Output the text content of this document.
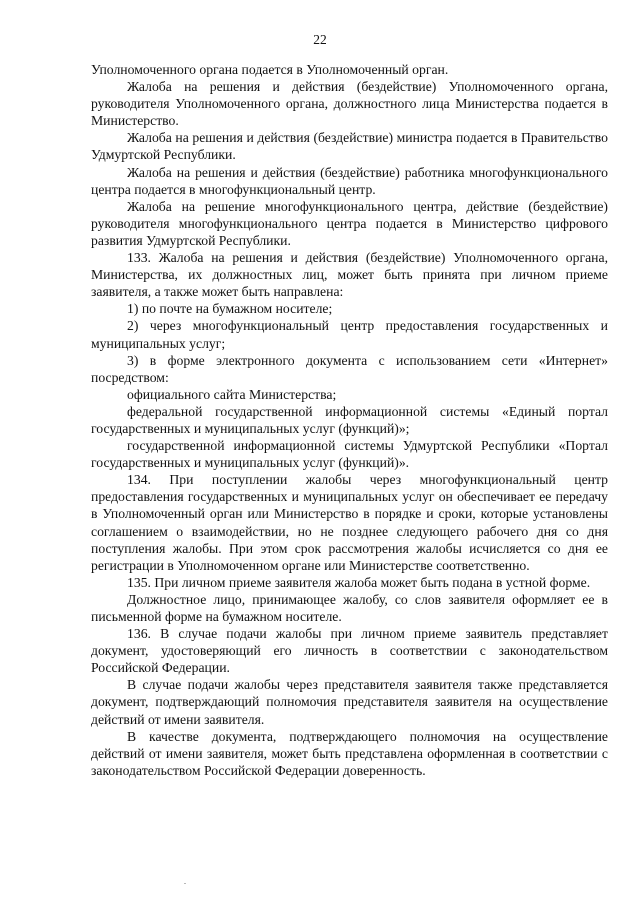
22

Уполномоченного органа подается в Уполномоченный орган.

Жалоба на решения и действия (бездействие) Уполномоченного органа, руководителя Уполномоченного органа, должностного лица Министерства подается в Министерство.

Жалоба на решения и действия (бездействие) министра подается в Правительство Удмуртской Республики.

Жалоба на решения и действия (бездействие) работника многофункционального центра подается в многофункциональный центр.

Жалоба на решение многофункционального центра, действие (бездействие) руководителя многофункционального центра подается в Министерство цифрового развития Удмуртской Республики.

133. Жалоба на решения и действия (бездействие) Уполномоченного органа, Министерства, их должностных лиц, может быть принята при личном приеме заявителя, а также может быть направлена:

1) по почте на бумажном носителе;

2) через многофункциональный центр предоставления государственных и муниципальных услуг;

3) в форме электронного документа с использованием сети «Интернет» посредством:

официального сайта Министерства;

федеральной государственной информационной системы «Единый портал государственных и муниципальных услуг (функций)»;

государственной информационной системы Удмуртской Республики «Портал государственных и муниципальных услуг (функций)».

134. При поступлении жалобы через многофункциональный центр предоставления государственных и муниципальных услуг он обеспечивает ее передачу в Уполномоченный орган или Министерство в порядке и сроки, которые установлены соглашением о взаимодействии, но не позднее следующего рабочего дня со дня поступления жалобы. При этом срок рассмотрения жалобы исчисляется со дня ее регистрации в Уполномоченном органе или Министерстве соответственно.

135. При личном приеме заявителя жалоба может быть подана в устной форме.

Должностное лицо, принимающее жалобу, со слов заявителя оформляет ее в письменной форме на бумажном носителе.

136. В случае подачи жалобы при личном приеме заявитель представляет документ, удостоверяющий его личность в соответствии с законодательством Российской Федерации.

В случае подачи жалобы через представителя заявителя также представляется документ, подтверждающий полномочия представителя заявителя на осуществление действий от имени заявителя.

В качестве документа, подтверждающего полномочия на осуществление действий от имени заявителя, может быть представлена оформленная в соответствии с законодательством Российской Федерации доверенность.
